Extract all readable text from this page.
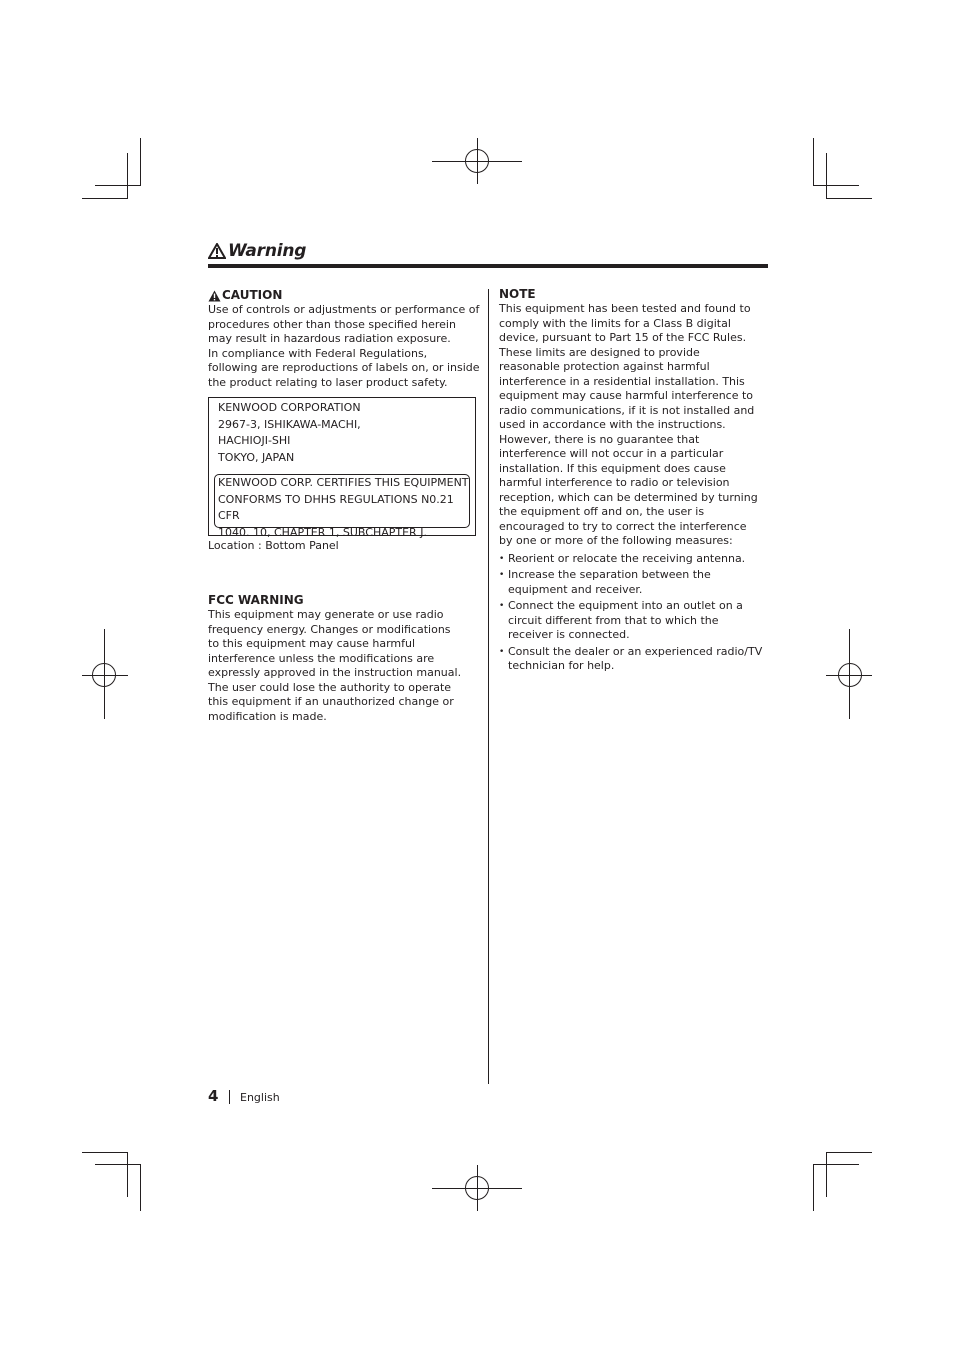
Warning
CAUTION

Use of controls or adjustments or performance of procedures other than those specified herein may result in hazardous radiation exposure.

In compliance with Federal Regulations, following are reproductions of labels on, or inside the product relating to laser product safety.

KENWOOD CORPORATION
2967-3, ISHIKAWA-MACHI,
HACHIOJI-SHI
TOKYO, JAPAN
KENWOOD CORP. CERTIFIES THIS EQUIPMENT
CONFORMS TO DHHS REGULATIONS N0.21 CFR
1040. 10, CHAPTER 1, SUBCHAPTER J.
Location : Bottom Panel
FCC WARNING

This equipment may generate or use radio frequency energy. Changes or modifications to this equipment may cause harmful interference unless the modifications are expressly approved in the instruction manual. The user could lose the authority to operate this equipment if an unauthorized change or modification is made.

NOTE

This equipment has been tested and found to comply with the limits for a Class B digital device, pursuant to Part 15 of the FCC Rules. These limits are designed to provide reasonable protection against harmful interference in a residential installation. This equipment may cause harmful interference to radio communications, if it is not installed and used in accordance with the instructions. However, there is no guarantee that interference will not occur in a particular installation. If this equipment does cause harmful interference to radio or television reception, which can be determined by turning the equipment off and on, the user is encouraged to try to correct the interference by one or more of the following measures:

• Reorient or relocate the receiving antenna.
• Increase the separation between the equipment and receiver.
• Connect the equipment into an outlet on a circuit different from that to which the receiver is connected.
• Consult the dealer or an experienced radio/TV technician for help.
4 English
